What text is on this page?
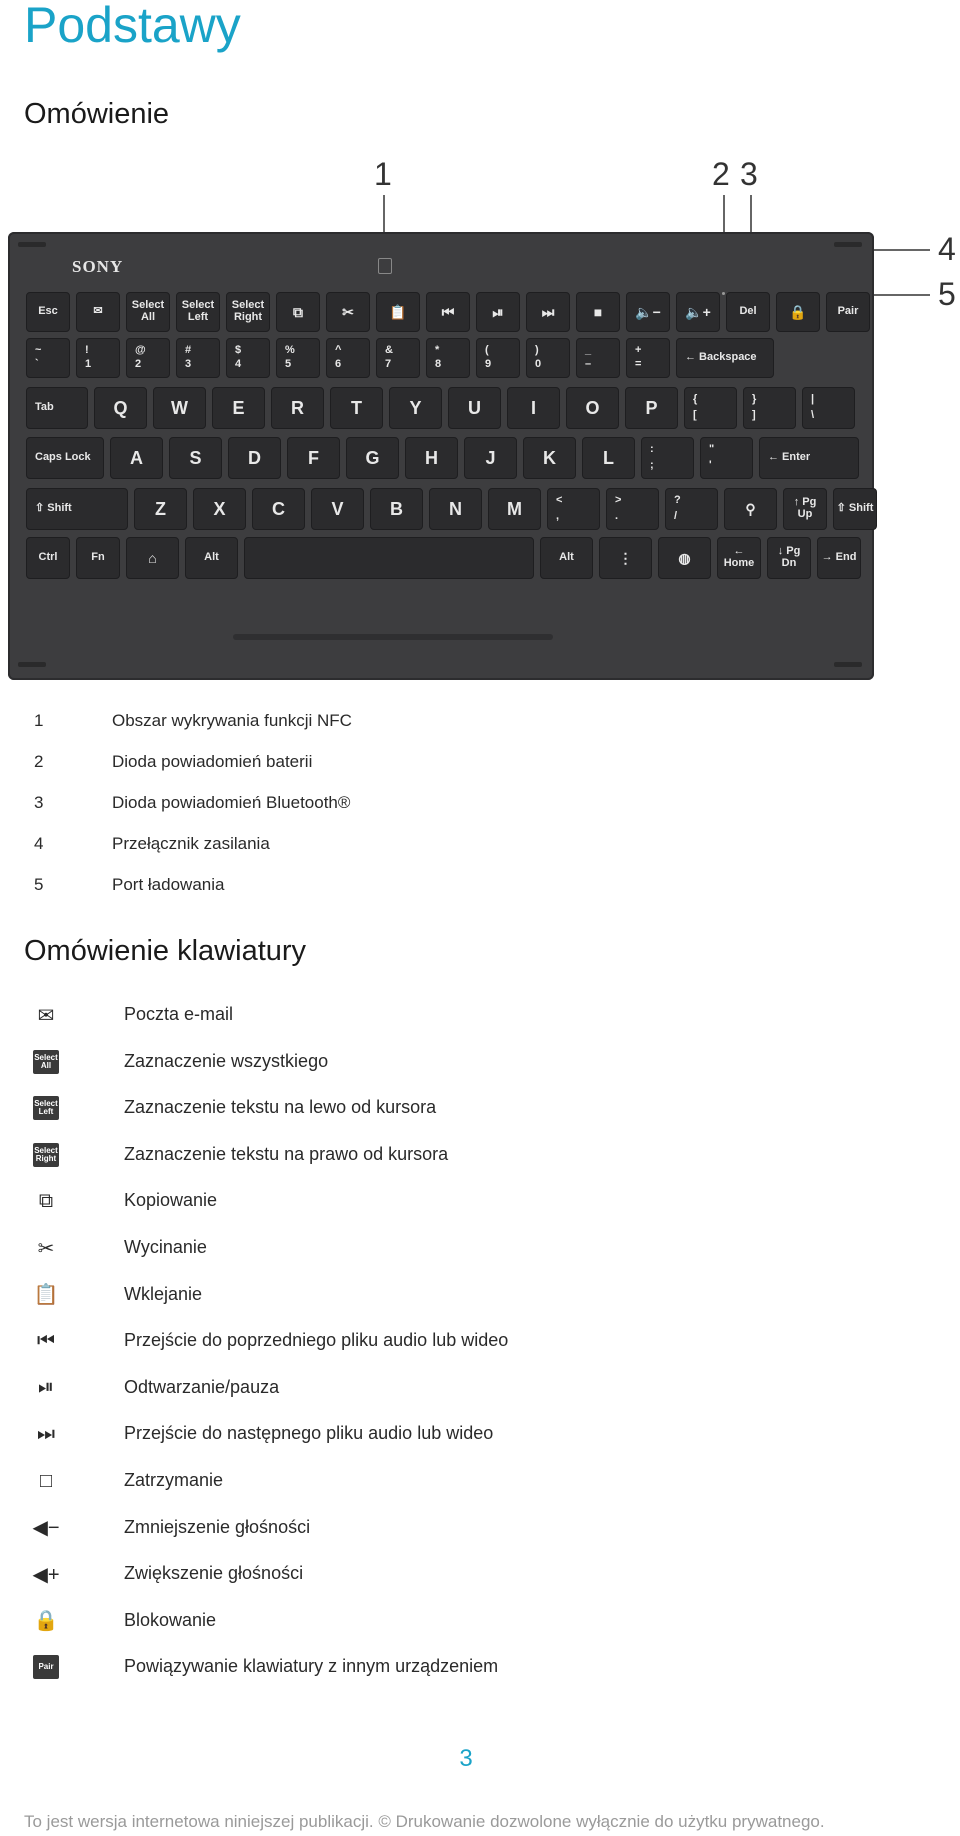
Podstawy
Omówienie
1	2 3
4
5
SONY
Esc	✉	Select All
Select Left
Select Right	⧉	✂	📋	⏮	⏯	⏭	■	🔈−	🔈+	Del	🔒	Pair
~
`
!
1
@
2
#
3
$
4
%
5
^
6
&
7
*
8
(
9
)
0
_
–
+
=
← Backspace
Tab	Q	W	E	R	T	Y	U	I	O	P	{
[
}
]
|
\
Caps Lock	A	S	D	F	G	H	J	K	L	:
;
"
'
← Enter
⇧ Shift	Z	X	C	V	B	N	M	<
,
>
.
?
/	⚲	↑ Pg Up	⇧ Shift
Ctrl	Fn	⌂	Alt	Alt	⋮	◍	← Home
↓ Pg Dn	→ End
1	Obszar wykrywania funkcji NFC
2	Dioda powiadomień baterii
3	Dioda powiadomień Bluetooth®
4	Przełącznik zasilania
5	Port ładowania
Omówienie klawiatury
✉	Poczta e-mail
Select All	Zaznaczenie wszystkiego
Select Left	Zaznaczenie tekstu na lewo od kursora
Select Right	Zaznaczenie tekstu na prawo od kursora
⧉	Kopiowanie
✂	Wycinanie
📋	Wklejanie
⏮	Przejście do poprzedniego pliku audio lub wideo
⏯	Odtwarzanie/pauza
⏭	Przejście do następnego pliku audio lub wideo
□	Zatrzymanie
◀−	Zmniejszenie głośności
◀+	Zwiększenie głośności
🔒	Blokowanie
Pair	Powiązywanie klawiatury z innym urządzeniem
3
To jest wersja internetowa niniejszej publikacji. © Drukowanie dozwolone wyłącznie do użytku prywatnego.
